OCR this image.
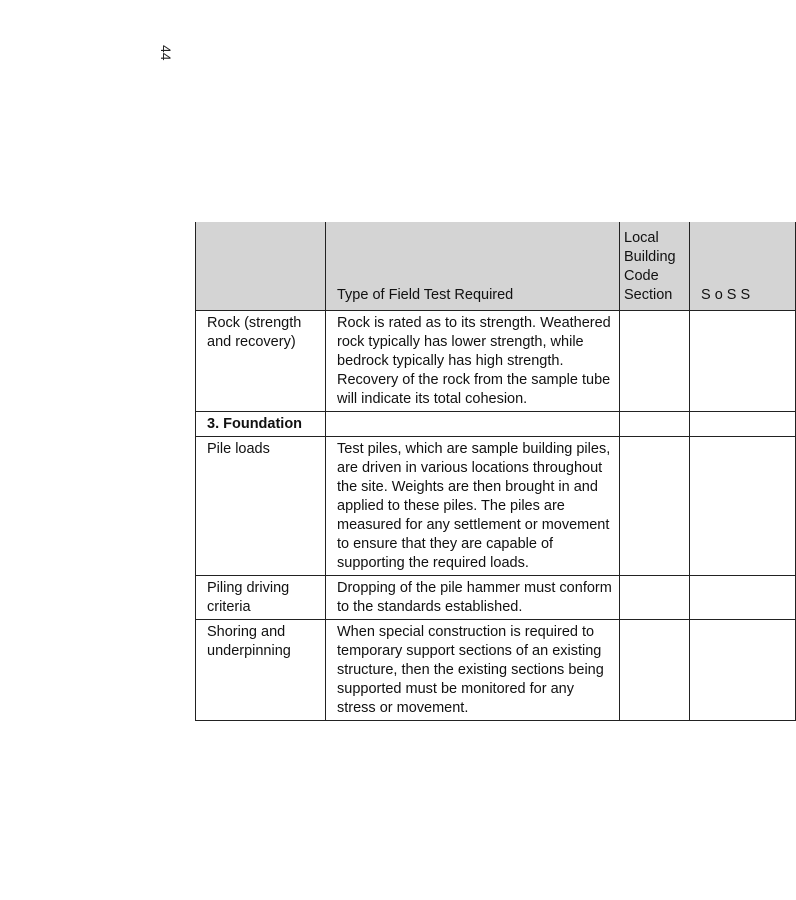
44
	Type of Field Test Required	Local Building Code Section	S o S S
Rock (strength and recovery)	Rock is rated as to its strength. Weathered rock typically has lower strength, while bedrock typically has high strength. Recovery of the rock from the sample tube will indicate its total cohesion.		
3. Foundation			
Pile loads	Test piles, which are sample building piles, are driven in various locations throughout the site. Weights are then brought in and applied to these piles. The piles are measured for any settlement or movement to ensure that they are capable of supporting the required loads.		
Piling driving criteria	Dropping of the pile hammer must conform to the standards established.		
Shoring and underpinning	When special construction is required to temporary support sections of an existing structure, then the existing sections being supported must be monitored for any stress or movement.		
